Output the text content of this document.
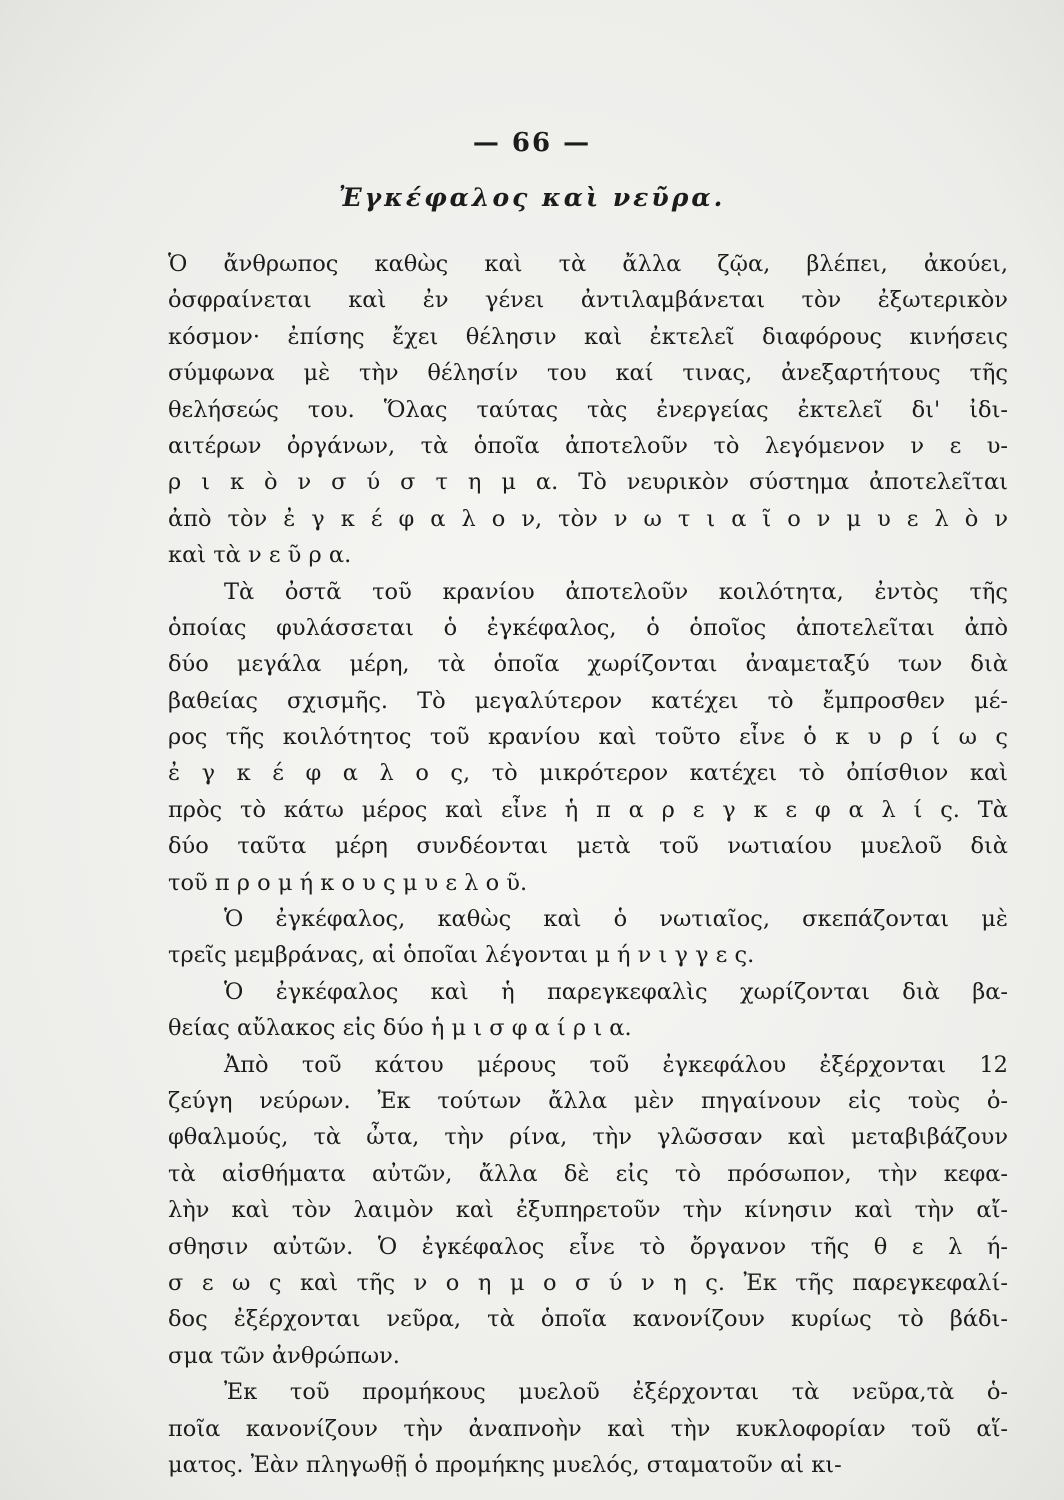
— 66 —
Ἐγκέφαλος καὶ νεῦρα.
Ὁ ἄνθρωπος καθὼς καὶ τὰ ἄλλα ζῷα, βλέπει, ἀκούει,
ὀσφραίνεται καὶ ἐν γένει ἀντιλαμβάνεται τὸν ἐξωτερικὸν
κόσμον· ἐπίσης ἔχει θέλησιν καὶ ἐκτελεῖ διαφόρους κινήσεις
σύμφωνα μὲ τὴν θέλησίν του καί τινας, ἀνεξαρτήτους τῆς
θελήσεώς του. Ὅλας ταύτας τὰς ἐνεργείας ἐκτελεῖ δι' ἰδι-
αιτέρων ὀργάνων, τὰ ὁποῖα ἀποτελοῦν τὸ λεγόμενον ν ε υ-
ρ ι κ ὸ ν σ ύ σ τ η μ α. Τὸ νευρικὸν σύστημα ἀποτελεῖται
ἀπὸ τὸν ἐ γ κ έ φ α λ ο ν, τὸν ν ω τ ι α ῖ ο ν μ υ ε λ ὸ ν
καὶ τὰ ν ε ῦ ρ α.
Τὰ ὀστᾶ τοῦ κρανίου ἀποτελοῦν κοιλότητα, ἐντὸς τῆς
ὁποίας φυλάσσεται ὁ ἐγκέφαλος, ὁ ὁποῖος ἀποτελεῖται ἀπὸ
δύο μεγάλα μέρη, τὰ ὁποῖα χωρίζονται ἀναμεταξύ των διὰ
βαθείας σχισμῆς. Τὸ μεγαλύτερον κατέχει τὸ ἔμπροσθεν μέ-
ρος τῆς κοιλότητος τοῦ κρανίου καὶ τοῦτο εἶνε ὁ κ υ ρ ί ω ς
ἐ γ κ έ φ α λ ο ς, τὸ μικρότερον κατέχει τὸ ὀπίσθιον καὶ
πρὸς τὸ κάτω μέρος καὶ εἶνε ἡ π α ρ ε γ κ ε φ α λ ί ς. Τὰ
δύο ταῦτα μέρη συνδέονται μετὰ τοῦ νωτιαίου μυελοῦ διὰ
τοῦ π ρ ο μ ή κ ο υ ς μ υ ε λ ο ῦ.
Ὁ ἐγκέφαλος, καθὼς καὶ ὁ νωτιαῖος, σκεπάζονται μὲ
τρεῖς μεμβράνας, αἱ ὁποῖαι λέγονται μ ή ν ι γ γ ε ς.
Ὁ ἐγκέφαλος καὶ ἡ παρεγκεφαλὶς χωρίζονται διὰ βα-
θείας αὔλακος εἰς δύο ἡ μ ι σ φ α ί ρ ι α.
Ἀπὸ τοῦ κάτου μέρους τοῦ ἐγκεφάλου ἐξέρχονται 12
ζεύγη νεύρων. Ἐκ τούτων ἄλλα μὲν πηγαίνουν εἰς τοὺς ὀ-
φθαλμούς, τὰ ὦτα, τὴν ρίνα, τὴν γλῶσσαν καὶ μεταβιβάζουν
τὰ αἰσθήματα αὐτῶν, ἄλλα δὲ εἰς τὸ πρόσωπον, τὴν κεφα-
λὴν καὶ τὸν λαιμὸν καὶ ἐξυπηρετοῦν τὴν κίνησιν καὶ τὴν αἴ-
σθησιν αὐτῶν. Ὁ ἐγκέφαλος εἶνε τὸ ὄργανον τῆς θ ε λ ή-
σ ε ω ς καὶ τῆς ν ο η μ ο σ ύ ν η ς. Ἐκ τῆς παρεγκεφαλί-
δος ἐξέρχονται νεῦρα, τὰ ὁποῖα κανονίζουν κυρίως τὸ βάδι-
σμα τῶν ἀνθρώπων.
Ἐκ τοῦ προμήκους μυελοῦ ἐξέρχονται τὰ νεῦρα,τὰ ὁ-
ποῖα κανονίζουν τὴν ἀναπνοὴν καὶ τὴν κυκλοφορίαν τοῦ αἵ-
ματος. Ἐὰν πληγωθῇ ὁ προμήκης μυελός, σταματοῦν αἱ κι-
